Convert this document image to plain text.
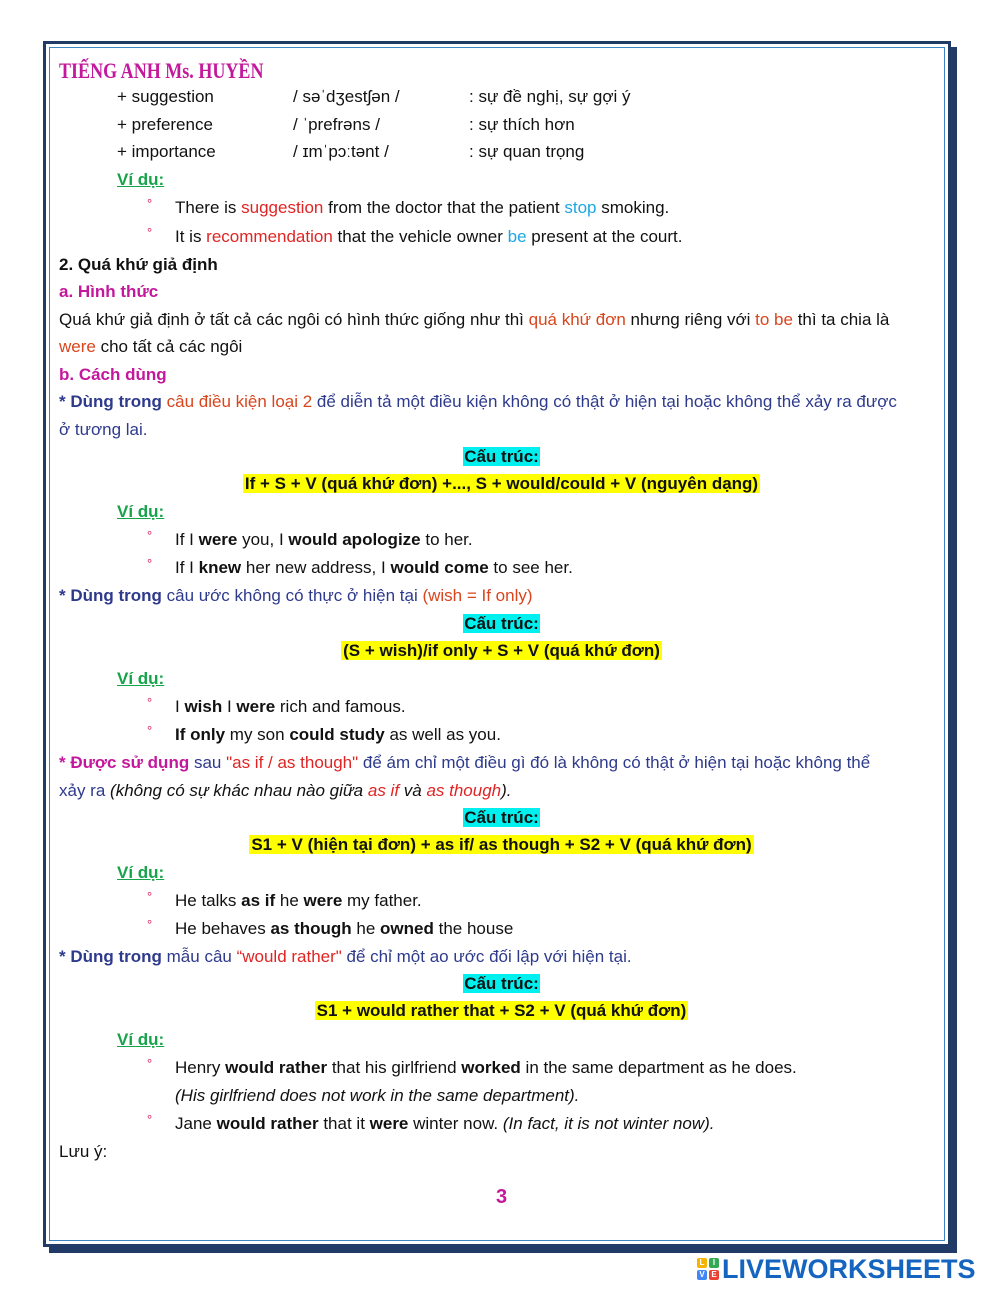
TIẾNG ANH Ms. HUYỀN
+ suggestion	/ səˈdʒestʃən /	: sự đề nghị, sự gợi ý
+ preference	/ ˈprefrəns /	: sự thích hơn
+ importance	/ ɪmˈpɔːtənt /	: sự quan trọng
Ví dụ:
° There is suggestion from the doctor that the patient stop smoking.
° It is recommendation that the vehicle owner be present at the court.
2. Quá khứ giả định
a. Hình thức
Quá khứ giả định ở tất cả các ngôi có hình thức giống như thì quá khứ đơn nhưng riêng với to be thì ta chia là
were cho tất cả các ngôi
b. Cách dùng
* Dùng trong câu điều kiện loại 2 để diễn tả một điều kiện không có thật ở hiện tại hoặc không thể xảy ra được
ở tương lai.
Cấu trúc:
If + S + V (quá khứ đơn) +..., S + would/could + V (nguyên dạng)
Ví dụ:
° If I were you, I would apologize to her.
° If I knew her new address, I would come to see her.
* Dùng trong câu ước không có thực ở hiện tại (wish = If only)
Cấu trúc:
(S + wish)/if only + S + V (quá khứ đơn)
Ví dụ:
° I wish I were rich and famous.
° If only my son could study as well as you.
* Được sử dụng sau "as if / as though" để ám chỉ một điều gì đó là không có thật ở hiện tại hoặc không thể
xảy ra (không có sự khác nhau nào giữa as if và as though).
Cấu trúc:
S1 + V (hiện tại đơn) + as if/ as though + S2 + V (quá khứ đơn)
Ví dụ:
° He talks as if he were my father.
° He behaves as though he owned the house
* Dùng trong mẫu câu “would rather" để chỉ một ao ước đối lập với hiện tại.
Cấu trúc:
S1 + would rather that + S2 + V (quá khứ đơn)
Ví dụ:
° Henry would rather that his girlfriend worked in the same department as he does.
(His girlfriend does not work in the same department).
° Jane would rather that it were winter now. (In fact, it is not winter now).
Lưu ý:
3
L	I
V E LIVEWORKSHEETS
